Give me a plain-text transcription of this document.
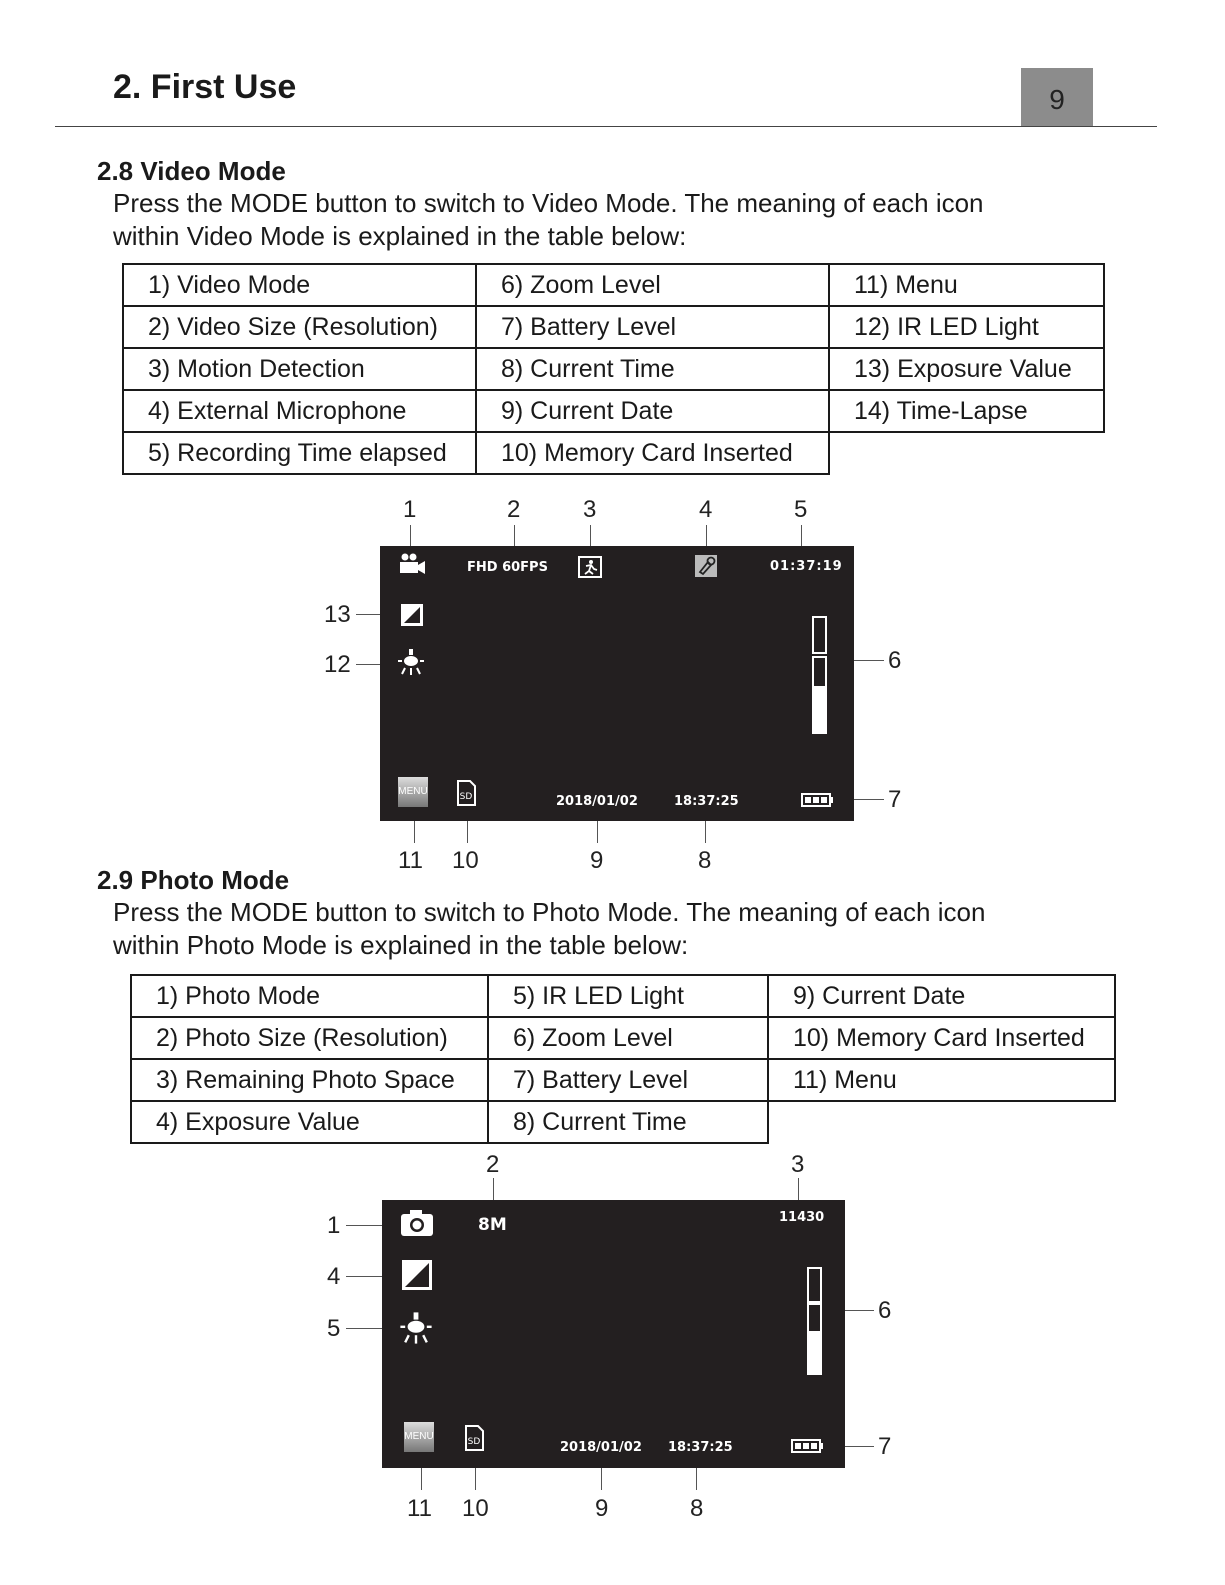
2. First Use	9
2.8 Video Mode
Press the MODE button to switch to Video Mode. The meaning of each icon
within Video Mode is explained in the table below:
1) Video Mode	6) Zoom Level	11) Menu
2) Video Size (Resolution)	7) Battery Level	12) IR LED Light
3) Motion Detection	8) Current Time	13) Exposure Value
4) External Microphone	9) Current Date	14) Time-Lapse
5) Recording Time elapsed	10) Memory Card Inserted	
FHD 60FPS	01:37:19
MENU	SD	2018/01/02	18:37:25
1	2	3	4	5
13
12	6
7
11 10	9	8
2.9 Photo Mode
Press the MODE button to switch to Photo Mode. The meaning of each icon
within Photo Mode is explained in the table below:
1) Photo Mode	5) IR LED Light	9) Current Date
2) Photo Size (Resolution)	6) Zoom Level	10) Memory Card Inserted
3) Remaining Photo Space	7) Battery Level	11) Menu
4) Exposure Value	8) Current Time	
8M	11430
MENU	SD	2018/01/02 18:37:25
2	3
1
4
5
6
7
11 10	9	8
